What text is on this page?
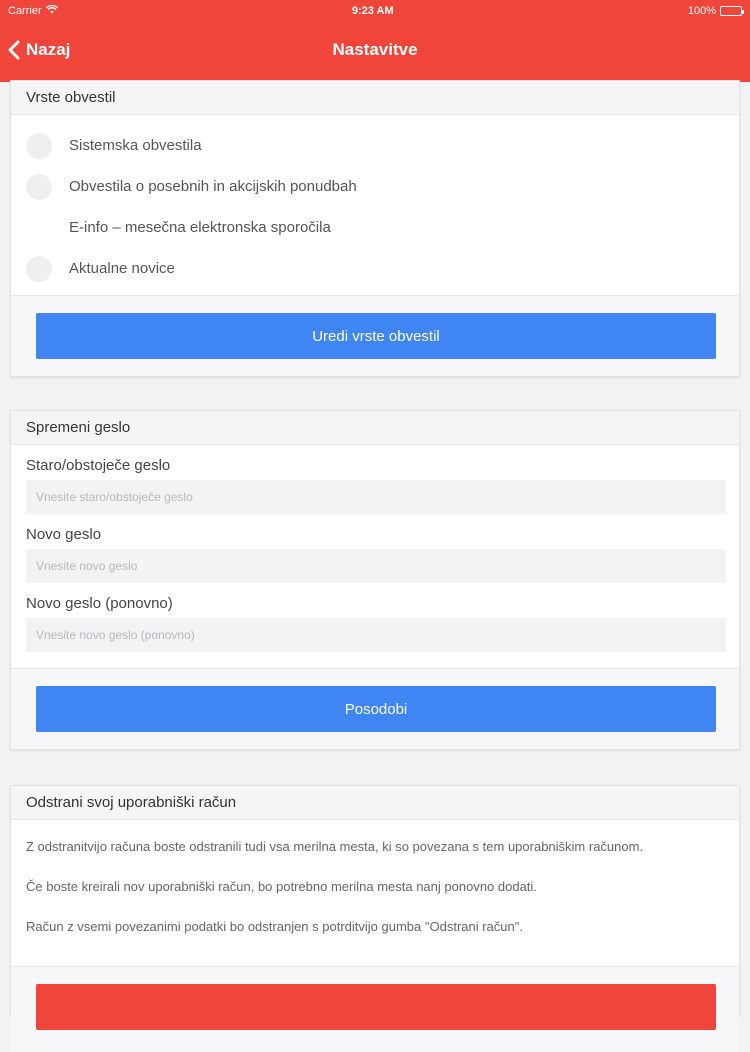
Carrier	9:23 AM	100%
Nazaj	Nastavitve
Vrste obvestil
Sistemska obvestila
Obvestila o posebnih in akcijskih ponudbah
E-info – mesečna elektronska sporočila
Aktualne novice
Uredi vrste obvestil
Spremeni geslo
Staro/obstoječe geslo
Novo geslo
Novo geslo (ponovno)
Posodobi
Odstrani svoj uporabniški račun

Z odstranitvijo računa boste odstranili tudi vsa merilna mesta, ki so povezana s tem uporabniškim računom.

Če boste kreirali nov uporabniški račun, bo potrebno merilna mesta nanj ponovno dodati.

Račun z vsemi povezanimi podatki bo odstranjen s potrditvijo gumba "Odstrani račun".
